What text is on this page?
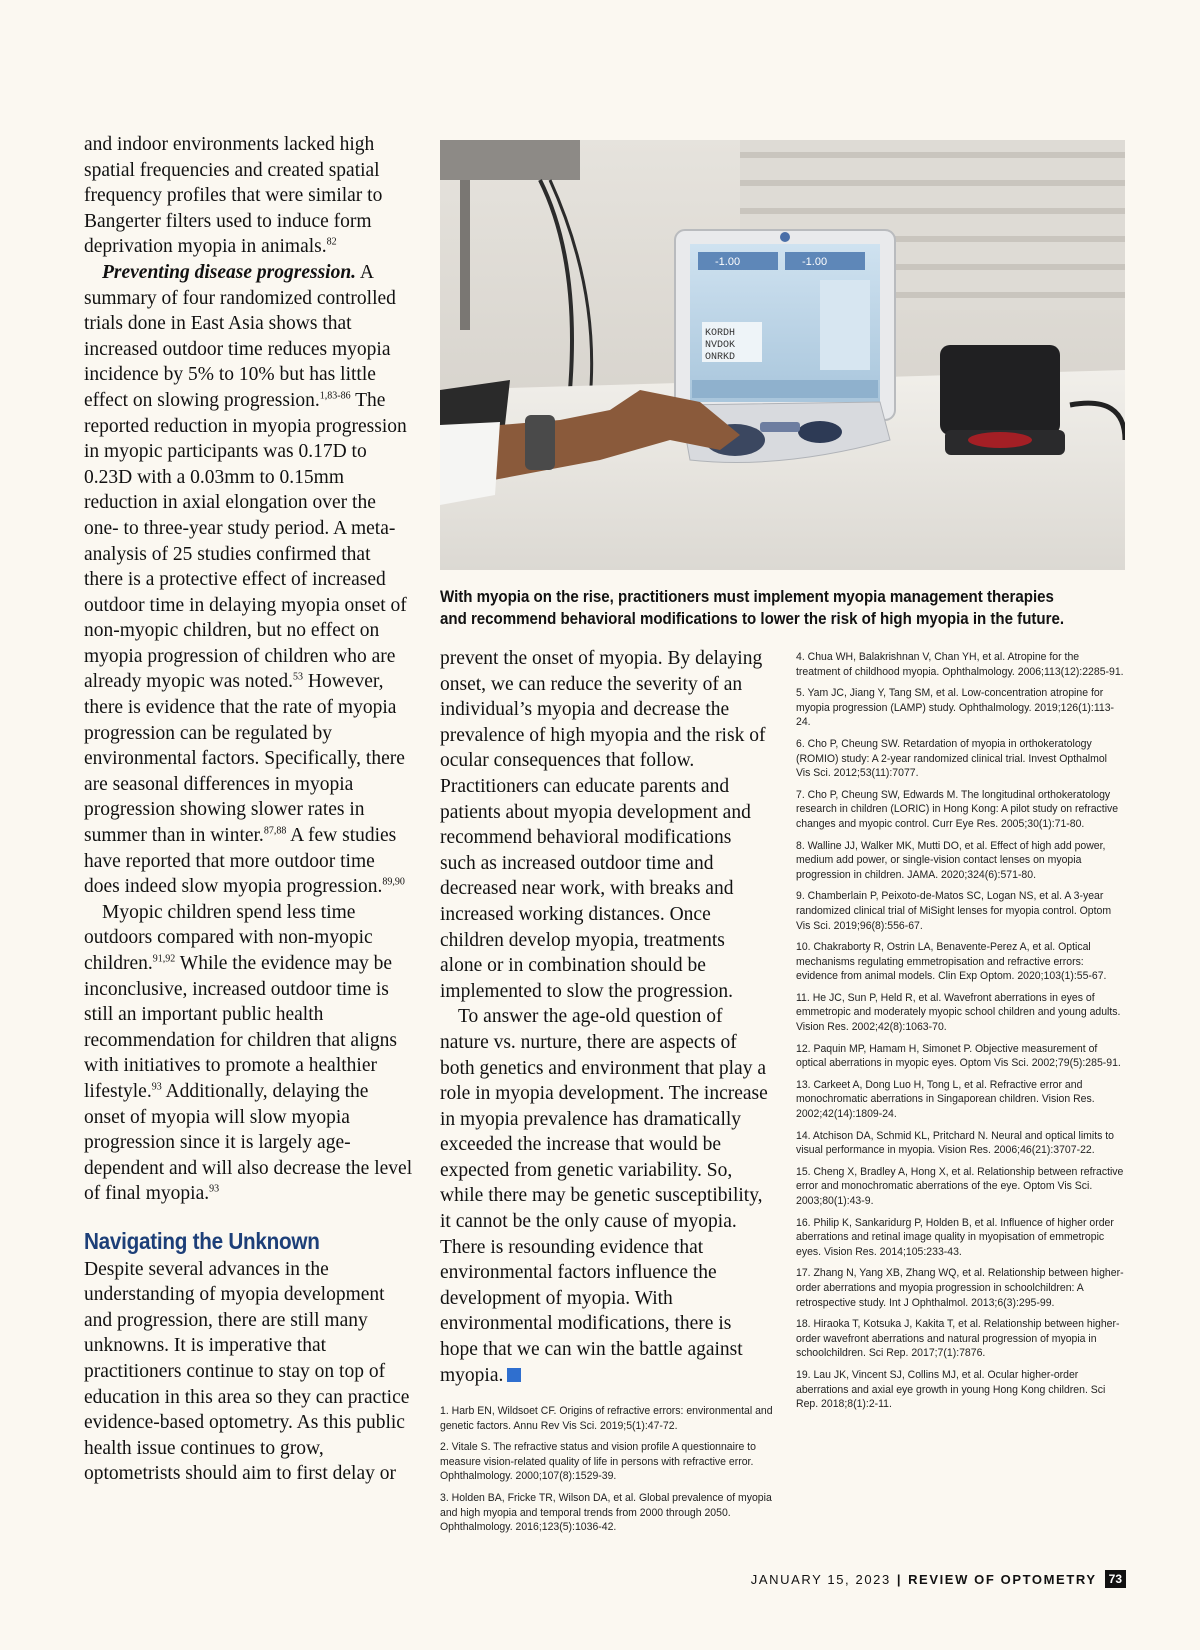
and indoor environments lacked high spatial frequencies and created spatial frequency profiles that were similar to Bangerter filters used to induce form deprivation myopia in animals.$^{82}$

Preventing disease progression. A summary of four randomized controlled trials done in East Asia shows that increased outdoor time reduces myopia incidence by 5% to 10% but has little effect on slowing progression.$^{1,83-86}$ The reported reduction in myopia progression in myopic participants was 0.17D to 0.23D with a 0.03mm to 0.15mm reduction in axial elongation over the one- to three-year study period. A meta-analysis of 25 studies confirmed that there is a protective effect of increased outdoor time in delaying myopia onset of non-myopic children, but no effect on myopia progression of children who are already myopic was noted.$^{53}$ However, there is evidence that the rate of myopia progression can be regulated by environmental factors. Specifically, there are seasonal differences in myopia progression showing slower rates in summer than in winter.$^{87,88}$ A few studies have reported that more outdoor time does indeed slow myopia progression.$^{89,90}$

Myopic children spend less time outdoors compared with non-myopic children.$^{91,92}$ While the evidence may be inconclusive, increased outdoor time is still an important public health recommendation for children that aligns with initiatives to promote a healthier lifestyle.$^{93}$ Additionally, delaying the onset of myopia will slow myopia progression since it is largely age-dependent and will also decrease the level of final myopia.$^{93}$

Navigating the Unknown

Despite several advances in the understanding of myopia development and progression, there are still many unknowns. It is imperative that practitioners continue to stay on top of education in this area so they can practice evidence-based optometry. As this public health issue continues to grow, optometrists should aim to first delay or

-1.00	-1.00
KORDH
NVDOK
ONRKD
With myopia on the rise, practitioners must implement myopia management therapies and recommend behavioral modifications to lower the risk of high myopia in the future.

prevent the onset of myopia. By delaying onset, we can reduce the severity of an individual’s myopia and decrease the prevalence of high myopia and the risk of ocular consequences that follow. Practitioners can educate parents and patients about myopia development and recommend behavioral modifications such as increased outdoor time and decreased near work, with breaks and increased working distances. Once children develop myopia, treatments alone or in combination should be implemented to slow the progression.

To answer the age-old question of nature vs. nurture, there are aspects of both genetics and environment that play a role in myopia development. The increase in myopia prevalence has dramatically exceeded the increase that would be expected from genetic variability. So, while there may be genetic susceptibility, it cannot be the only cause of myopia. There is resounding evidence that environmental factors influence the development of myopia. With environmental modifications, there is hope that we can win the battle against myopia.

1. Harb EN, Wildsoet CF. Origins of refractive errors: environmental and genetic factors. Annu Rev Vis Sci. 2019;5(1):47-72.

2. Vitale S. The refractive status and vision profile A questionnaire to measure vision-related quality of life in persons with refractive error. Ophthalmology. 2000;107(8):1529-39.

3. Holden BA, Fricke TR, Wilson DA, et al. Global prevalence of myopia and high myopia and temporal trends from 2000 through 2050. Ophthalmology. 2016;123(5):1036-42.

4. Chua WH, Balakrishnan V, Chan YH, et al. Atropine for the treatment of childhood myopia. Ophthalmology. 2006;113(12):2285-91.

5. Yam JC, Jiang Y, Tang SM, et al. Low-concentration atropine for myopia progression (LAMP) study. Ophthalmology. 2019;126(1):113-24.

6. Cho P, Cheung SW. Retardation of myopia in orthokeratology (ROMIO) study: A 2-year randomized clinical trial. Invest Opthalmol Vis Sci. 2012;53(11):7077.

7. Cho P, Cheung SW, Edwards M. The longitudinal orthokeratology research in children (LORIC) in Hong Kong: A pilot study on refractive changes and myopic control. Curr Eye Res. 2005;30(1):71-80.

8. Walline JJ, Walker MK, Mutti DO, et al. Effect of high add power, medium add power, or single-vision contact lenses on myopia progression in children. JAMA. 2020;324(6):571-80.

9. Chamberlain P, Peixoto-de-Matos SC, Logan NS, et al. A 3-year randomized clinical trial of MiSight lenses for myopia control. Optom Vis Sci. 2019;96(8):556-67.

10. Chakraborty R, Ostrin LA, Benavente-Perez A, et al. Optical mechanisms regulating emmetropisation and refractive errors: evidence from animal models. Clin Exp Optom. 2020;103(1):55-67.

11. He JC, Sun P, Held R, et al. Wavefront aberrations in eyes of emmetropic and moderately myopic school children and young adults. Vision Res. 2002;42(8):1063-70.

12. Paquin MP, Hamam H, Simonet P. Objective measurement of optical aberrations in myopic eyes. Optom Vis Sci. 2002;79(5):285-91.

13. Carkeet A, Dong Luo H, Tong L, et al. Refractive error and monochromatic aberrations in Singaporean children. Vision Res. 2002;42(14):1809-24.

14. Atchison DA, Schmid KL, Pritchard N. Neural and optical limits to visual performance in myopia. Vision Res. 2006;46(21):3707-22.

15. Cheng X, Bradley A, Hong X, et al. Relationship between refractive error and monochromatic aberrations of the eye. Optom Vis Sci. 2003;80(1):43-9.

16. Philip K, Sankaridurg P, Holden B, et al. Influence of higher order aberrations and retinal image quality in myopisation of emmetropic eyes. Vision Res. 2014;105:233-43.

17. Zhang N, Yang XB, Zhang WQ, et al. Relationship between higher-order aberrations and myopia progression in schoolchildren: A retrospective study. Int J Ophthalmol. 2013;6(3):295-99.

18. Hiraoka T, Kotsuka J, Kakita T, et al. Relationship between higher-order wavefront aberrations and natural progression of myopia in schoolchildren. Sci Rep. 2017;7(1):7876.

19. Lau JK, Vincent SJ, Collins MJ, et al. Ocular higher-order aberrations and axial eye growth in young Hong Kong children. Sci Rep. 2018;8(1):2-11.

JANUARY 15, 2023 | REVIEW OF OPTOMETRY	73
